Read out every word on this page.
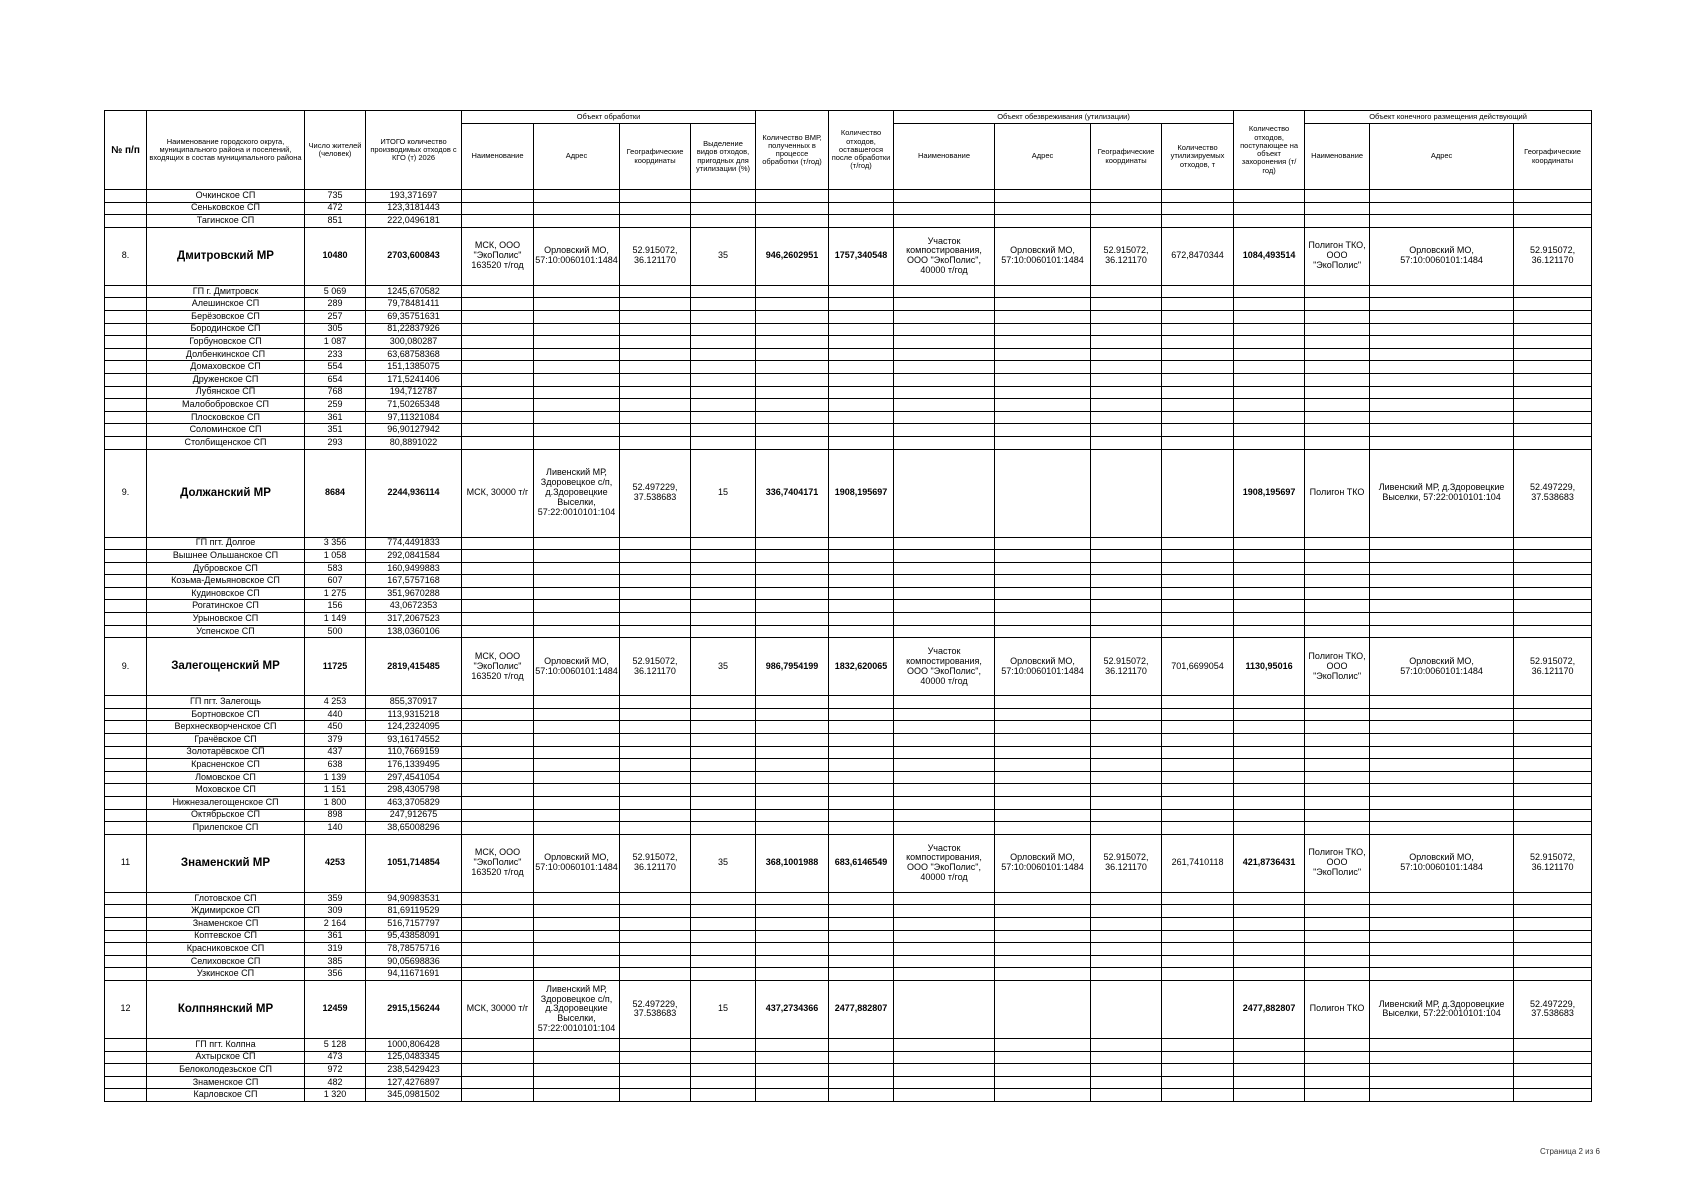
№ п/п	Наименование городского округа, муниципального района и поселений, входящих в состав муниципального района	Число жителей (человек)	ИТОГО количество производимых отходов с КГО (т) 2026	Объект обработки				Количество ВМР, полученных в процессе обработки (т/год)	Количество отходов, оставшегося после обработки (т/год)	Объект обезвреживания (утилизации)				Количество отходов, поступающее на объект захоронения (т/год)	Объект конечного размещения действующий		
				Наименование	Адрес	Географические координаты	Выделение видов отходов, пригодных для утилизации (%)			Наименование	Адрес	Географические координаты	Количество утилизируемых отходов, т		Наименование	Адрес	Географические координаты
	Очкинское СП	735	193,371697														
	Сеньковское СП	472	123,3181443														
	Тагинское СП	851	222,0496181														
8.	Дмитровский МР	10480	2703,600843	МСК, ООО "ЭкоПолис" 163520 т/год	Орловский МО, 57:10:0060101:1484	52.915072, 36.121170	35	946,2602951	1757,340548	Участок компостирования, ООО "ЭкоПолис", 40000 т/год	Орловский МО, 57:10:0060101:1484	52.915072, 36.121170	672,8470344	1084,493514	Полигон ТКО, ООО "ЭкоПолис"	Орловский МО, 57:10:0060101:1484	52.915072, 36.121170
	ГП г. Дмитровск	5 069	1245,670582														
	Алешинское СП	289	79,78481411														
	Берёзовское СП	257	69,35751631														
	Бородинское СП	305	81,22837926														
	Горбуновское СП	1 087	300,080287														
	Долбенкинское СП	233	63,68758368														
	Домаховское СП	554	151,1385075														
	Друженское СП	654	171,5241406														
	Лубянское СП	768	194,712787														
	Малобобровское СП	259	71,50265348														
	Плосковское СП	361	97,11321084														
	Соломинское СП	351	96,90127942														
	Столбищенское СП	293	80,8891022														
9.	Должанский МР	8684	2244,936114	МСК, 30000 т/г	Ливенский МР, Здоровецкое с/п, д.Здоровецкие Выселки, 57:22:0010101:104	52.497229, 37.538683	15	336,7404171	1908,195697					1908,195697	Полигон ТКО	Ливенский МР, д.Здоровецкие Выселки, 57:22:0010101:104	52.497229, 37.538683
	ГП пгт. Долгое	3 356	774,4491833														
	Вышнее Ольшанское СП	1 058	292,0841584														
	Дубровское СП	583	160,9499883														
	Козьма-Демьяновское СП	607	167,5757168														
	Кудиновское СП	1 275	351,9670288														
	Рогатинское СП	156	43,0672353														
	Урыновское СП	1 149	317,2067523														
	Успенское СП	500	138,0360106														
9.	Залегощенский МР	11725	2819,415485	МСК, ООО "ЭкоПолис" 163520 т/год	Орловский МО, 57:10:0060101:1484	52.915072, 36.121170	35	986,7954199	1832,620065	Участок компостирования, ООО "ЭкоПолис", 40000 т/год	Орловский МО, 57:10:0060101:1484	52.915072, 36.121170	701,6699054	1130,95016	Полигон ТКО, ООО "ЭкоПолис"	Орловский МО, 57:10:0060101:1484	52.915072, 36.121170
	ГП пгт. Залегощь	4 253	855,370917														
	Бортновское СП	440	113,9315218														
	Верхнескворченское СП	450	124,2324095														
	Грачёвское СП	379	93,16174552														
	Золотарёвское СП	437	110,7669159														
	Красненское СП	638	176,1339495														
	Ломовское СП	1 139	297,4541054														
	Моховское СП	1 151	298,4305798														
	Нижнезалегощенское СП	1 800	463,3705829														
	Октябрьское СП	898	247,912675														
	Прилепское СП	140	38,65008296														
11	Знаменский МР	4253	1051,714854	МСК, ООО "ЭкоПолис" 163520 т/год	Орловский МО, 57:10:0060101:1484	52.915072, 36.121170	35	368,1001988	683,6146549	Участок компостирования, ООО "ЭкоПолис", 40000 т/год	Орловский МО, 57:10:0060101:1484	52.915072, 36.121170	261,7410118	421,8736431	Полигон ТКО, ООО "ЭкоПолис"	Орловский МО, 57:10:0060101:1484	52.915072, 36.121170
	Глотовское СП	359	94,90983531														
	Ждимирское СП	309	81,69119529														
	Знаменское СП	2 164	516,7157797														
	Коптевское СП	361	95,43858091														
	Красниковское СП	319	78,78575716														
	Селиховское СП	385	90,05698836														
	Узкинское СП	356	94,11671691														
12	Колпнянский МР	12459	2915,156244	МСК, 30000 т/г	Ливенский МР, Здоровецкое с/п, д.Здоровецкие Выселки, 57:22:0010101:104	52.497229, 37.538683	15	437,2734366	2477,882807					2477,882807	Полигон ТКО	Ливенский МР, д.Здоровецкие Выселки, 57:22:0010101:104	52.497229, 37.538683
	ГП пгт. Колпна	5 128	1000,806428														
	Ахтырское СП	473	125,0483345														
	Белоколодезьское СП	972	238,5429423														
	Знаменское СП	482	127,4276897														
	Карловское СП	1 320	345,0981502														
Страница 2 из 6
